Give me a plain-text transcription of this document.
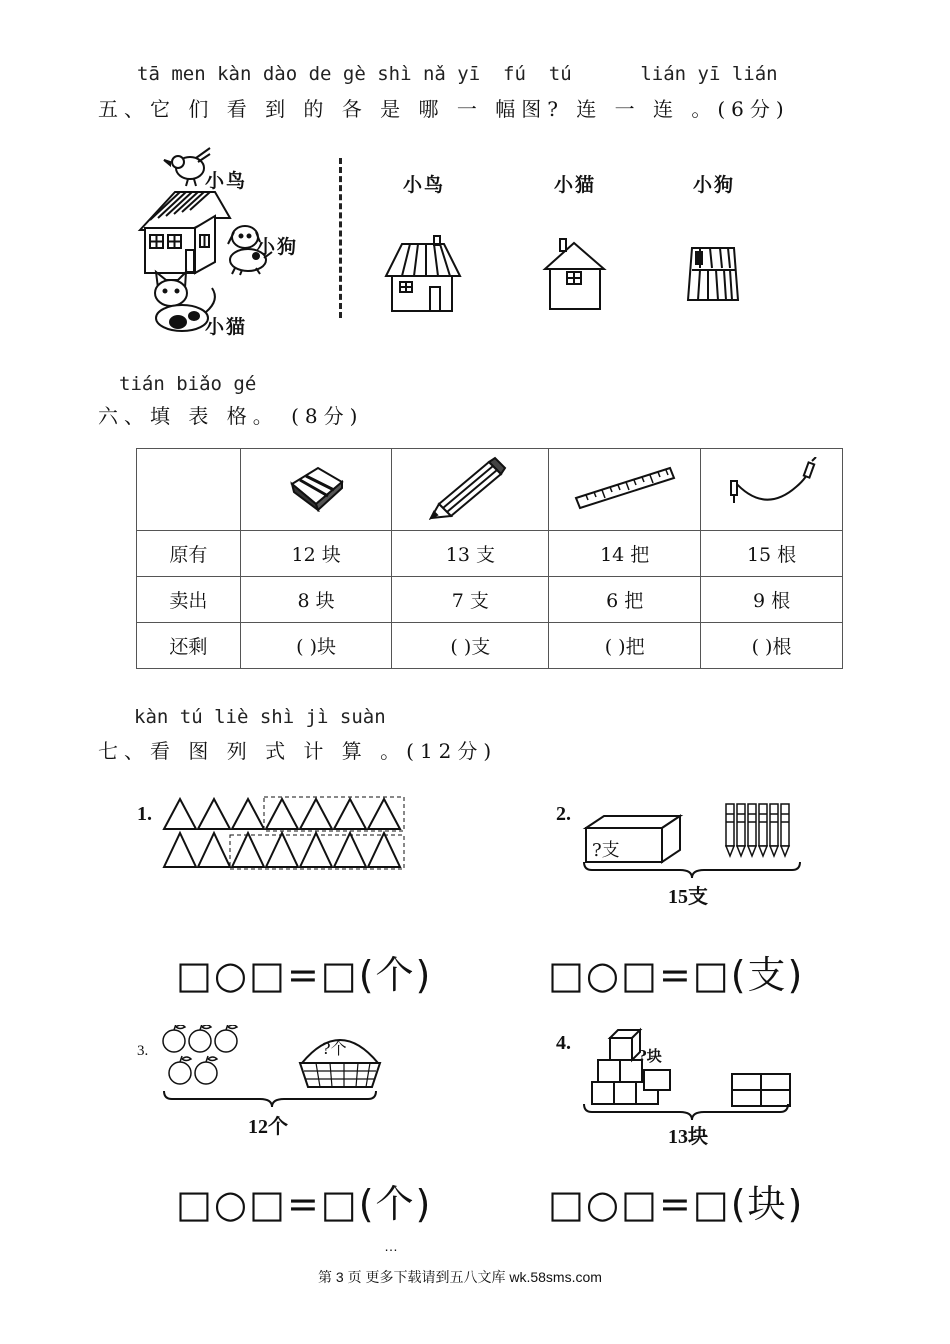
tā men kàn dào de gè shì nǎ yī  fú  tú      lián yī lián
五、它 们 看 到 的 各 是 哪 一 幅图? 连 一 连 。(6分)
小鸟
小狗
小猫
小鸟	小猫	小狗
tián biǎo gé
六、填 表 格。 (8分)

原有	12 块	13 支	14 把	15 根
卖出	8 块	7 支	6 把	9 根
还剩	( )块	( )支	( )把	( )根
kàn tú liè shì jì suàn
七、看 图 列 式 计 算 。(12分)
1.
□○□=□(个)
2.
?支
15支
□○□=□(支)
3.	?个
12个
□○□=□(个)
4.
?块
13块
□○□=□(块)
…
第 3 页 更多下载请到五八文库 wk.58sms.com
